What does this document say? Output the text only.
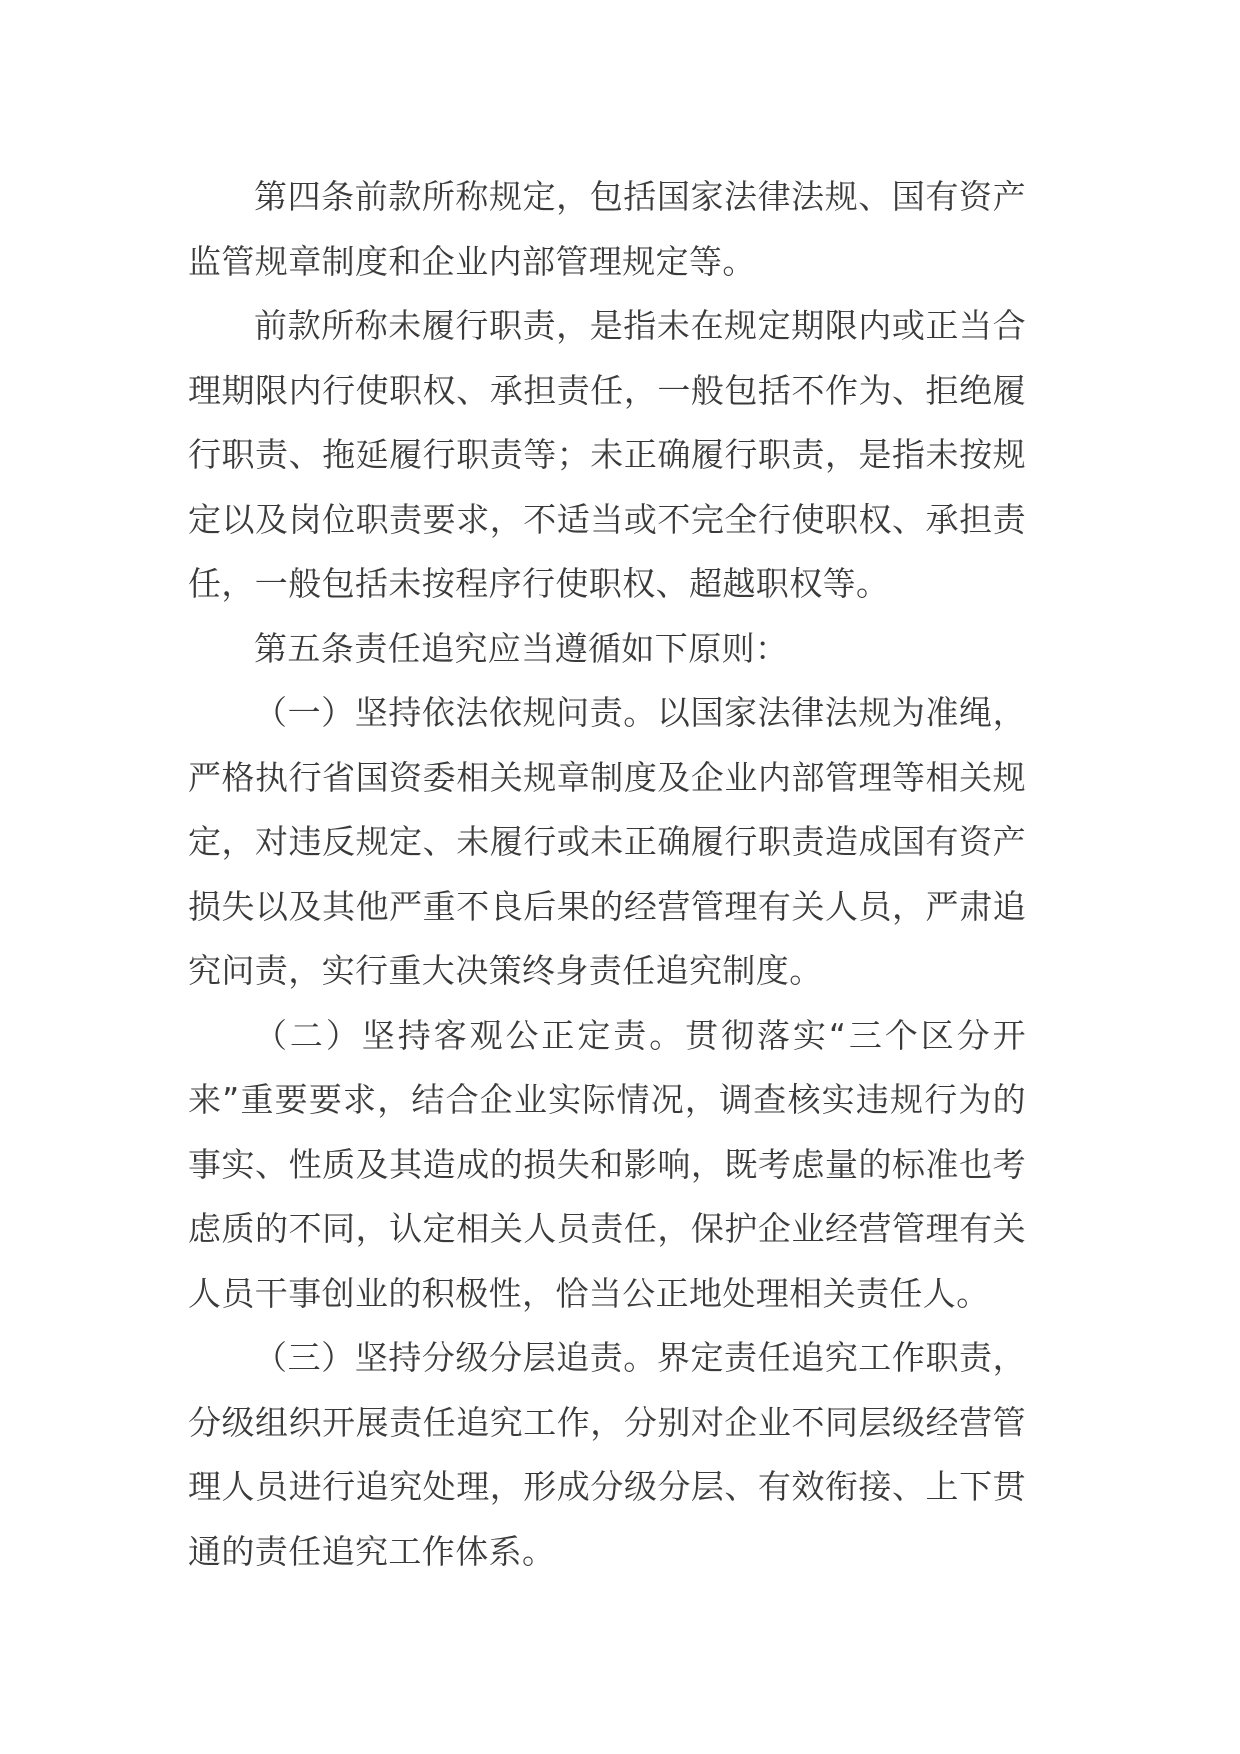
第四条前款所称规定，包括国家法律法规、国有资产监管规章制度和企业内部管理规定等。

前款所称未履行职责，是指未在规定期限内或正当合理期限内行使职权、承担责任，一般包括不作为、拒绝履行职责、拖延履行职责等；未正确履行职责，是指未按规定以及岗位职责要求，不适当或不完全行使职权、承担责任，一般包括未按程序行使职权、超越职权等。

第五条责任追究应当遵循如下原则：

（一）坚持依法依规问责。以国家法律法规为准绳，严格执行省国资委相关规章制度及企业内部管理等相关规定，对违反规定、未履行或未正确履行职责造成国有资产损失以及其他严重不良后果的经营管理有关人员，严肃追究问责，实行重大决策终身责任追究制度。

（二）坚持客观公正定责。贯彻落实“三个区分开来”重要要求，结合企业实际情况，调查核实违规行为的事实、性质及其造成的损失和影响，既考虑量的标准也考虑质的不同，认定相关人员责任，保护企业经营管理有关人员干事创业的积极性，恰当公正地处理相关责任人。

（三）坚持分级分层追责。界定责任追究工作职责，分级组织开展责任追究工作，分别对企业不同层级经营管理人员进行追究处理，形成分级分层、有效衔接、上下贯通的责任追究工作体系。
